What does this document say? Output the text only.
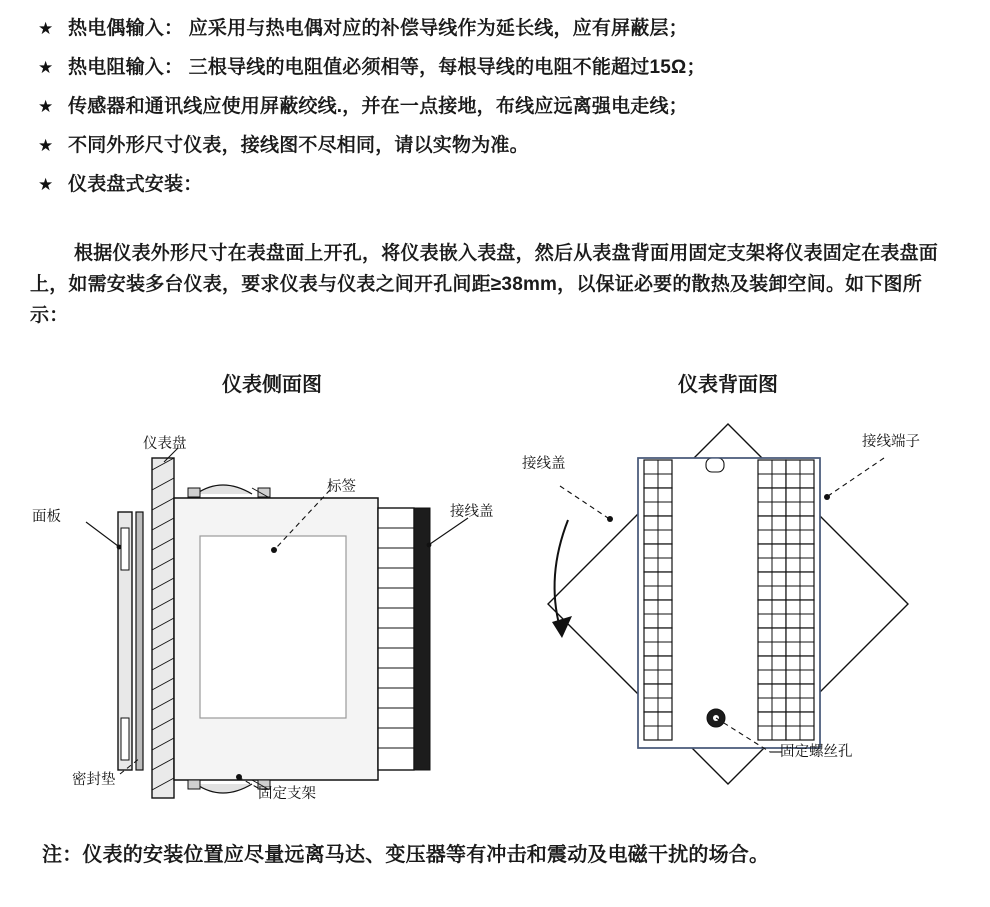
★ 热电偶输入： 应采用与热电偶对应的补偿导线作为延长线，应有屏蔽层；
★ 热电阻输入： 三根导线的电阻值必须相等，每根导线的电阻不能超过15Ω；
★ 传感器和通讯线应使用屏蔽绞线.，并在一点接地，布线应远离强电走线；
★ 不同外形尺寸仪表，接线图不尽相同，请以实物为准。
★ 仪表盘式安装：
根据仪表外形尺寸在表盘面上开孔，将仪表嵌入表盘，然后从表盘背面用固定支架将仪表固定在表盘面上，如需安装多台仪表，要求仪表与仪表之间开孔间距≥38mm，以保证必要的散热及装卸空间。如下图所示：
仪表侧面图	仪表背面图
仪表盘
面板
标签
接线盖
密封垫
固定支架
接线盖
接线端子
固定螺丝孔
注：仪表的安装位置应尽量远离马达、变压器等有冲击和震动及电磁干扰的场合。
